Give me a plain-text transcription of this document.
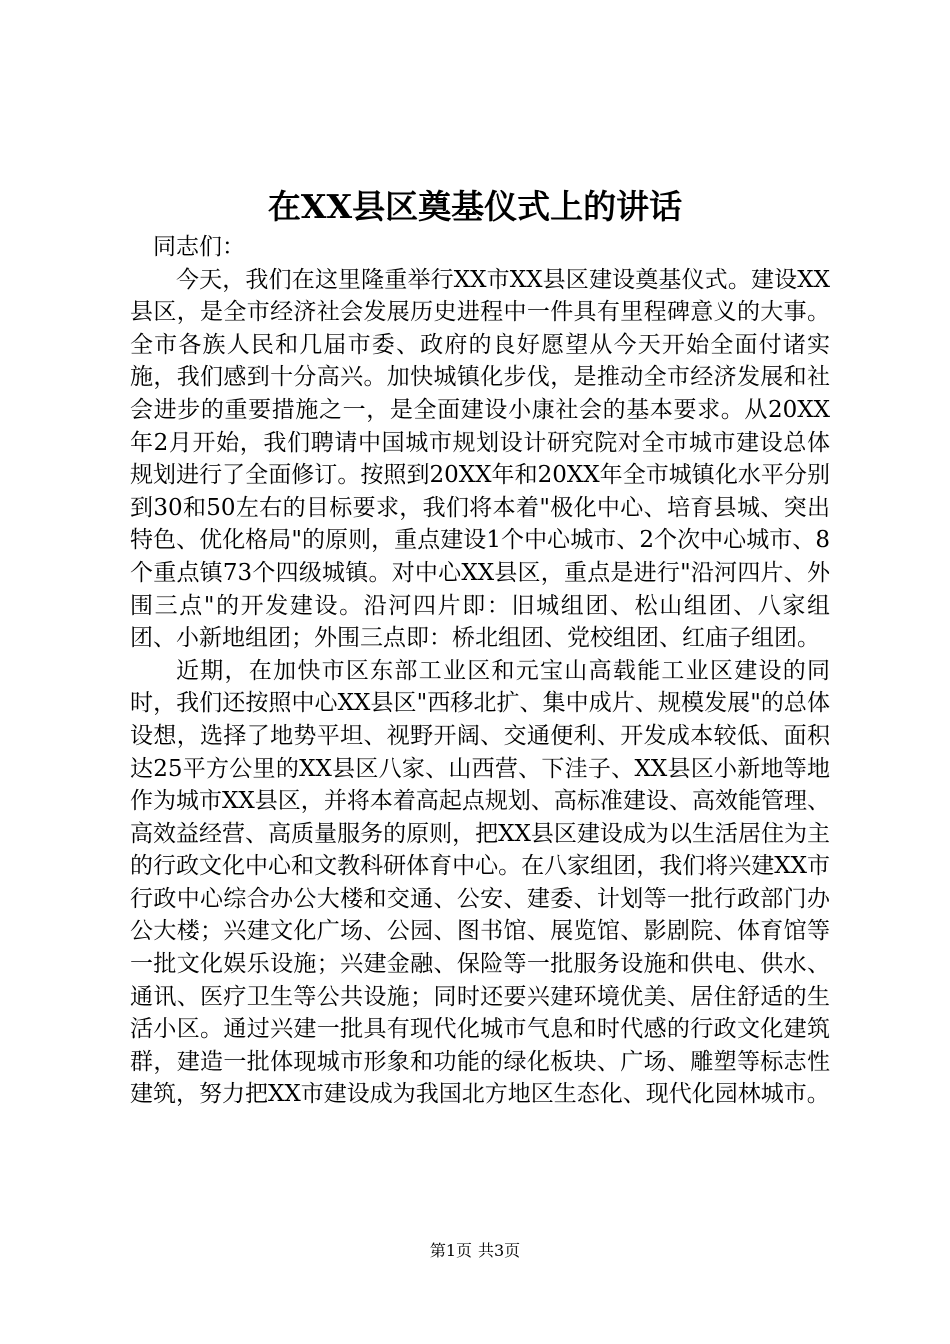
在XX县区奠基仪式上的讲话

同志们：

今天，我们在这里隆重举行XX市XX县区建设奠基仪式。建设XX县区，是全市经济社会发展历史进程中一件具有里程碑意义的大事。全市各族人民和几届市委、政府的良好愿望从今天开始全面付诸实施，我们感到十分高兴。加快城镇化步伐，是推动全市经济发展和社会进步的重要措施之一，是全面建设小康社会的基本要求。从20XX年2月开始，我们聘请中国城市规划设计研究院对全市城市建设总体规划进行了全面修订。按照到20XX年和20XX年全市城镇化水平分别到30和50左右的目标要求，我们将本着"极化中心、培育县城、突出特色、优化格局"的原则，重点建设1个中心城市、2个次中心城市、8个重点镇73个四级城镇。对中心XX县区，重点是进行"沿河四片、外围三点"的开发建设。沿河四片即：旧城组团、松山组团、八家组团、小新地组团；外围三点即：桥北组团、党校组团、红庙子组团。

近期，在加快市区东部工业区和元宝山高载能工业区建设的同时，我们还按照中心XX县区"西移北扩、集中成片、规模发展"的总体设想，选择了地势平坦、视野开阔、交通便利、开发成本较低、面积达25平方公里的XX县区八家、山西营、下洼子、XX县区小新地等地作为城市XX县区，并将本着高起点规划、高标准建设、高效能管理、高效益经营、高质量服务的原则，把XX县区建设成为以生活居住为主的行政文化中心和文教科研体育中心。在八家组团，我们将兴建XX市行政中心综合办公大楼和交通、公安、建委、计划等一批行政部门办公大楼；兴建文化广场、公园、图书馆、展览馆、影剧院、体育馆等一批文化娱乐设施；兴建金融、保险等一批服务设施和供电、供水、通讯、医疗卫生等公共设施；同时还要兴建环境优美、居住舒适的生活小区。通过兴建一批具有现代化城市气息和时代感的行政文化建筑群，建造一批体现城市形象和功能的绿化板块、广场、雕塑等标志性建筑，努力把XX市建设成为我国北方地区生态化、现代化园林城市。

第1页 共3页
